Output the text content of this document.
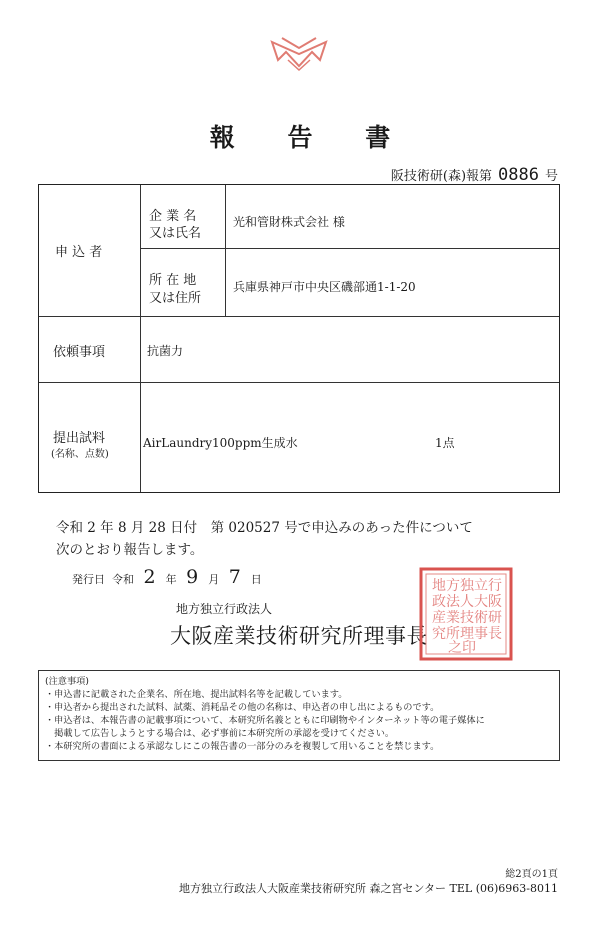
報 告 書
阪技術研(森)報第 0886 号
申 込 者
企 業 名
又は氏名
光和管財株式会社 様
所 在 地
又は住所
兵庫県神戸市中央区磯部通1-1-20
依頼事項	抗菌力
提出試料
(名称、点数)
AirLaundry100ppm生成水	1点
令和 2 年 8 月 28 日付　第 020527 号で申込みのあった件について
次のとおり報告します。
発行日 令和 2 年 9 月 7 日
地方独立行政法人
大阪産業技術研究所理事長
地方独立行
政法人大阪
産業技術研
究所理事長
之印
(注意事項)
・申込書に記載された企業名、所在地、提出試料名等を記載しています。
・申込者から提出された試料、試薬、消耗品その他の名称は、申込者の申し出によるものです。
・申込者は、本報告書の記載事項について、本研究所名義とともに印刷物やインターネット等の電子媒体に
　掲載して広告しようとする場合は、必ず事前に本研究所の承認を受けてください。
・本研究所の書面による承認なしにこの報告書の一部分のみを複製して用いることを禁じます。
総2頁の1頁
地方独立行政法人大阪産業技術研究所 森之宮センター TEL (06)6963-8011
